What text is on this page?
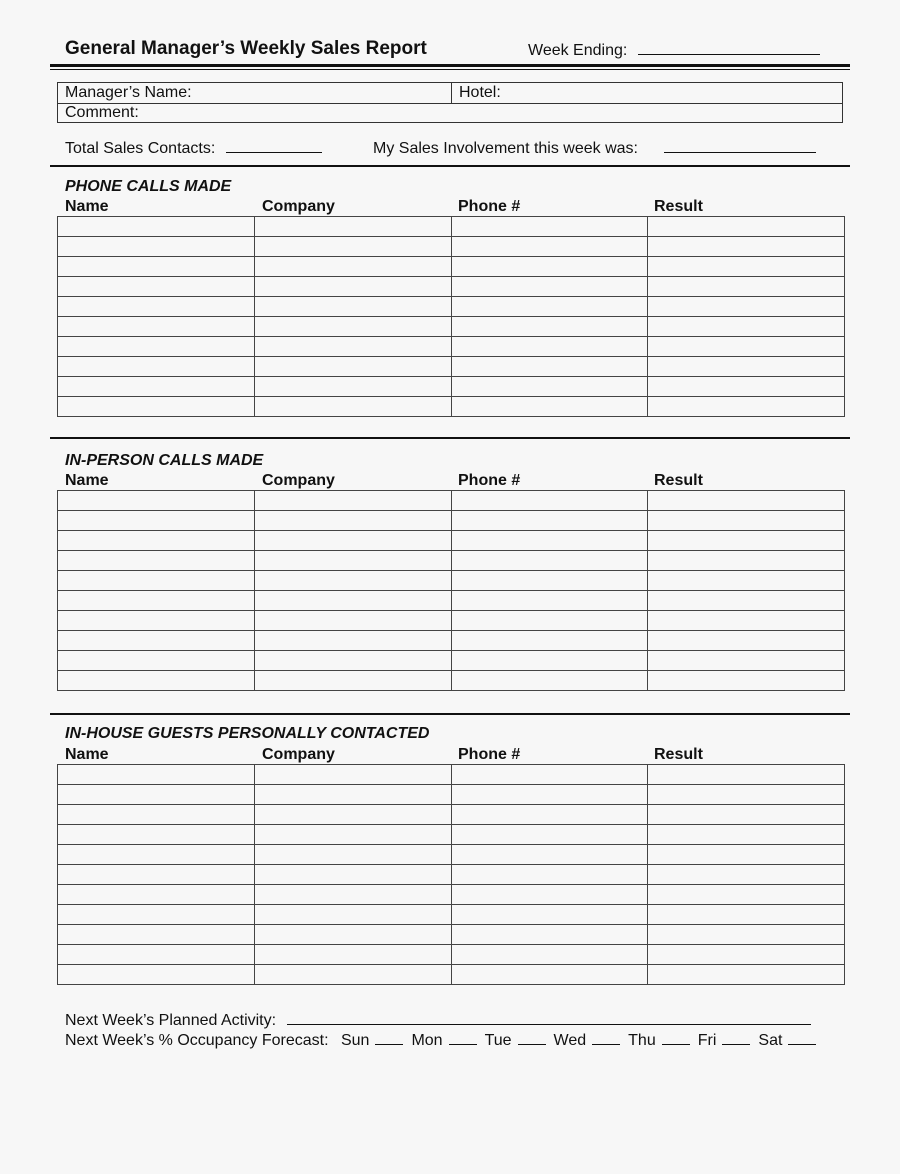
General Manager’s Weekly Sales Report	Week Ending:
Manager’s Name:	Hotel:
Comment:
Total Sales Contacts:	My Sales Involvement this week was:
PHONE CALLS MADE
Name	Company	Phone #	Result

IN-PERSON CALLS MADE
Name	Company	Phone #	Result

IN-HOUSE GUESTS PERSONALLY CONTACTED
Name	Company	Phone #	Result

Next Week’s Planned Activity:
Next Week’s % Occupancy Forecast: Sun	Mon	Tue	Wed	Thu	Fri	Sat
